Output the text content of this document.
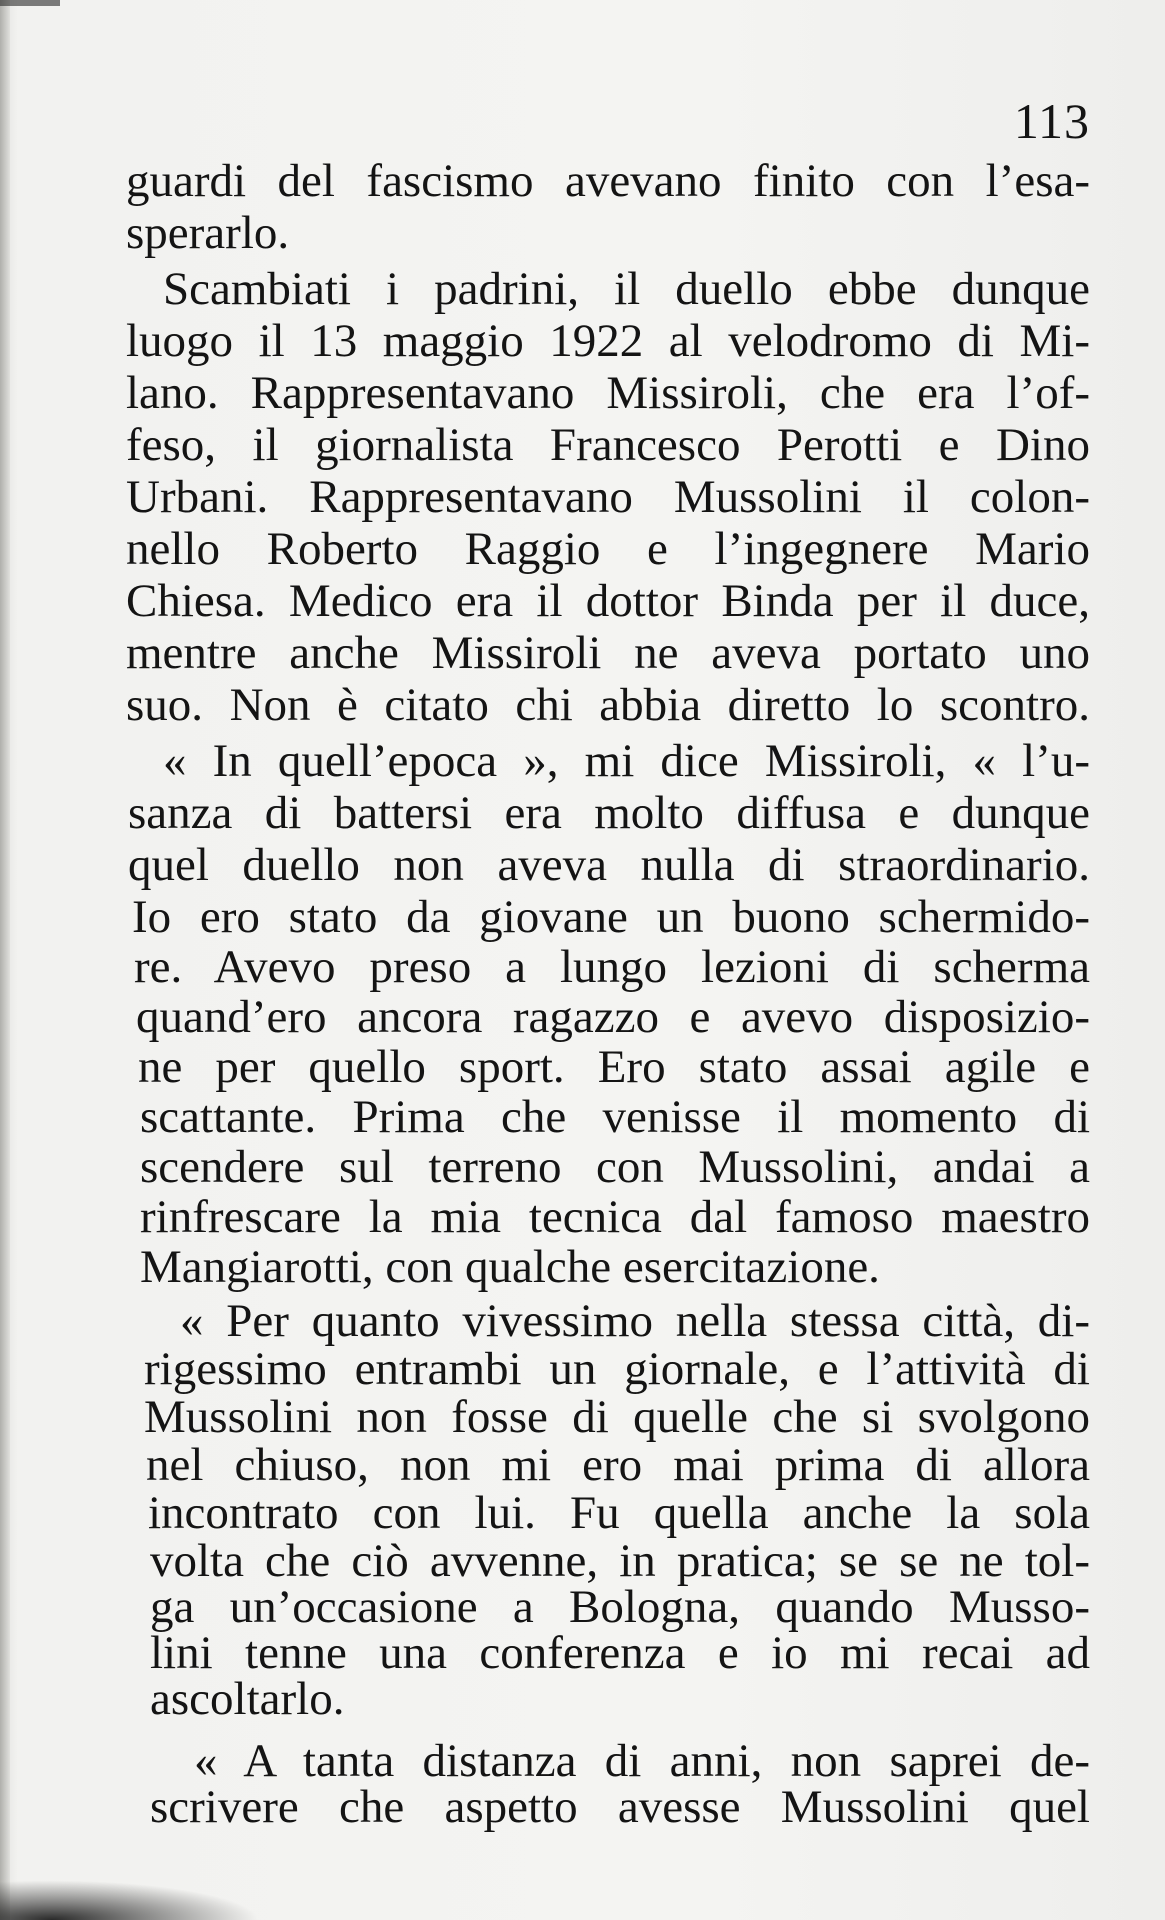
113
guardi del fascismo avevano finito con l’esa-
sperarlo.
Scambiati i padrini, il duello ebbe dunque
luogo il 13 maggio 1922 al velodromo di Mi-
lano. Rappresentavano Missiroli, che era l’of-
feso, il giornalista Francesco Perotti e Dino
Urbani. Rappresentavano Mussolini il colon-
nello Roberto Raggio e l’ingegnere Mario
Chiesa. Medico era il dottor Binda per il duce,
mentre anche Missiroli ne aveva portato uno
suo. Non è citato chi abbia diretto lo scontro.
« In quell’epoca », mi dice Missiroli, « l’u-
sanza di battersi era molto diffusa e dunque
quel duello non aveva nulla di straordinario.
Io ero stato da giovane un buono schermido-
re. Avevo preso a lungo lezioni di scherma
quand’ero ancora ragazzo e avevo disposizio-
ne per quello sport. Ero stato assai agile e
scattante. Prima che venisse il momento di
scendere sul terreno con Mussolini, andai a
rinfrescare la mia tecnica dal famoso maestro
Mangiarotti, con qualche esercitazione.
« Per quanto vivessimo nella stessa città, di-
rigessimo entrambi un giornale, e l’attività di
Mussolini non fosse di quelle che si svolgono
nel chiuso, non mi ero mai prima di allora
incontrato con lui. Fu quella anche la sola
volta che ciò avvenne, in pratica; se se ne tol-
ga un’occasione a Bologna, quando Musso-
lini tenne una conferenza e io mi recai ad
ascoltarlo.
« A tanta distanza di anni, non saprei de-
scrivere che aspetto avesse Mussolini quel
